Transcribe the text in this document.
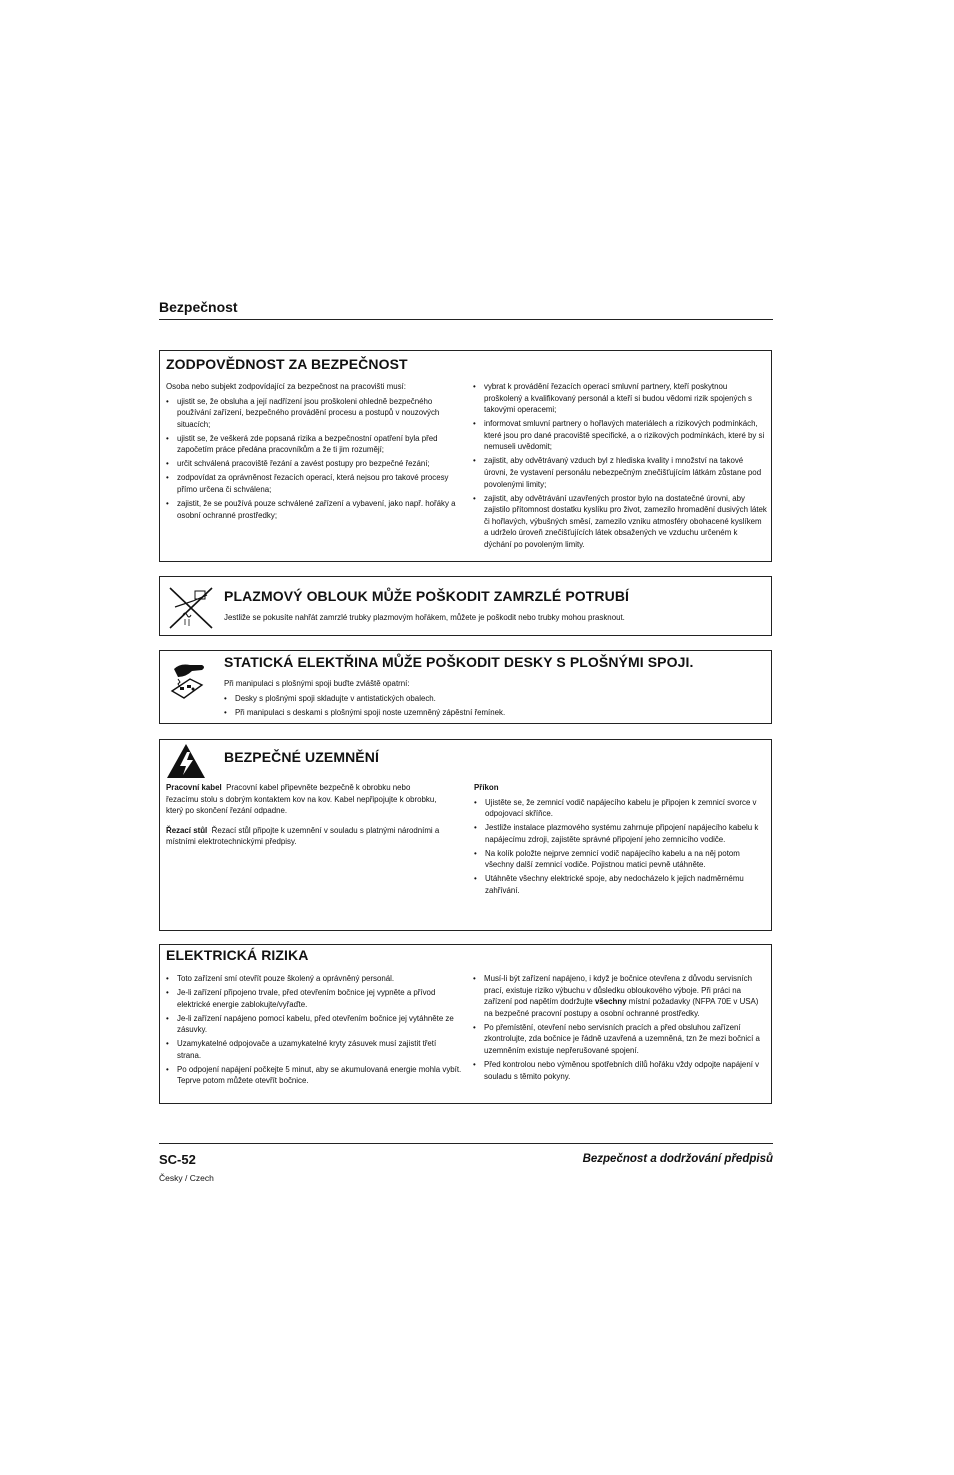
Bezpečnost
ZODPOVĚDNOST ZA BEZPEČNOST
Osoba nebo subjekt zodpovídající za bezpečnost na pracovišti musí:
• ujistit se, že obsluha a její nadřízení jsou proškoleni ohledně bezpečného používání zařízení, bezpečného provádění procesu a postupů v nouzových situacích;
• ujistit se, že veškerá zde popsaná rizika a bezpečnostní opatření byla před započetím práce předána pracovníkům a že ti jim rozumějí;
• určit schválená pracoviště řezání a zavést postupy pro bezpečné řezání;
• zodpovídat za oprávněnost řezacích operací, která nejsou pro takové procesy přímo určena či schválena;
• zajistit, že se používá pouze schválené zařízení a vybavení, jako např. hořáky a osobní ochranné prostředky;
• vybrat k provádění řezacích operací smluvní partnery, kteří poskytnou proškolený a kvalifikovaný personál a kteří si budou vědomi rizik spojených s takovými operacemi;
• informovat smluvní partnery o hořlavých materiálech a rizikových podmínkách, které jsou pro dané pracoviště specifické, a o rizikových podmínkách, které by si nemuseli uvědomit;
• zajistit, aby odvětrávaný vzduch byl z hlediska kvality i množství na takové úrovni, že vystavení personálu nebezpečným znečišťujícím látkám zůstane pod povolenými limity;
• zajistit, aby odvětrávání uzavřených prostor bylo na dostatečné úrovni, aby zajistilo přítomnost dostatku kyslíku pro život, zamezilo hromadění dusivých látek či hořlavých, výbušných směsí, zamezilo vzniku atmosféry obohacené kyslíkem a udrželo úroveň znečišťujících látek obsažených ve vzduchu určeném k dýchání po povoleným limity.
PLAZMOVÝ OBLOUK MŮŽE POŠKODIT ZAMRZLÉ POTRUBÍ
Jestliže se pokusíte nahřát zamrzlé trubky plazmovým hořákem, můžete je poškodit nebo trubky mohou prasknout.
STATICKÁ ELEKTŘINA MŮŽE POŠKODIT DESKY S PLOŠNÝMI SPOJI.
Při manipulaci s plošnými spoji buďte zvláště opatrní:
• Desky s plošnými spoji skladujte v antistatických obalech.
• Při manipulaci s deskami s plošnými spoji noste uzemněný zápěstní řemínek.
BEZPEČNÉ UZEMNĚNÍ

Pracovní kabel Pracovní kabel připevněte bezpečně k obrobku nebo řezacímu stolu s dobrým kontaktem kov na kov. Kabel nepřipojujte k obrobku, který po skončení řezání odpadne.

Řezací stůl Řezací stůl připojte k uzemnění v souladu s platnými národními a místními elektrotechnickými předpisy.

Příkon
• Ujistěte se, že zemnicí vodič napájecího kabelu je připojen k zemnicí svorce v odpojovací skříňce.
• Jestliže instalace plazmového systému zahrnuje připojení napájecího kabelu k napájecímu zdroji, zajistěte správné připojení jeho zemnicího vodiče.
• Na kolík položte nejprve zemnicí vodič napájecího kabelu a na něj potom všechny další zemnicí vodiče. Pojistnou matici pevně utáhněte.
• Utáhněte všechny elektrické spoje, aby nedocházelo k jejich nadměrnému zahřívání.
ELEKTRICKÁ RIZIKA
• Toto zařízení smí otevřít pouze školený a oprávněný personál.
• Je-li zařízení připojeno trvale, před otevřením bočnice jej vypněte a přívod elektrické energie zablokujte/vyřaďte.
• Je-li zařízení napájeno pomocí kabelu, před otevřením bočnice jej vytáhněte ze zásuvky.
• Uzamykatelné odpojovače a uzamykatelné kryty zásuvek musí zajistit třetí strana.
• Po odpojení napájení počkejte 5 minut, aby se akumulovaná energie mohla vybít. Teprve potom můžete otevřít bočnice.
• Musí-li být zařízení napájeno, i když je bočnice otevřena z důvodu servisních prací, existuje riziko výbuchu v důsledku obloukového výboje. Při práci na zařízení pod napětím dodržujte všechny místní požadavky (NFPA 70E v USA) na bezpečné pracovní postupy a osobní ochranné prostředky.
• Po přemístění, otevření nebo servisních pracích a před obsluhou zařízení zkontrolujte, zda bočnice je řádně uzavřená a uzemněná, tzn že mezi bočnicí a uzemněním existuje nepřerušované spojení.
• Před kontrolou nebo výměnou spotřebních dílů hořáku vždy odpojte napájení v souladu s těmito pokyny.
SC-52	Bezpečnost a dodržování předpisů
Česky / Czech
